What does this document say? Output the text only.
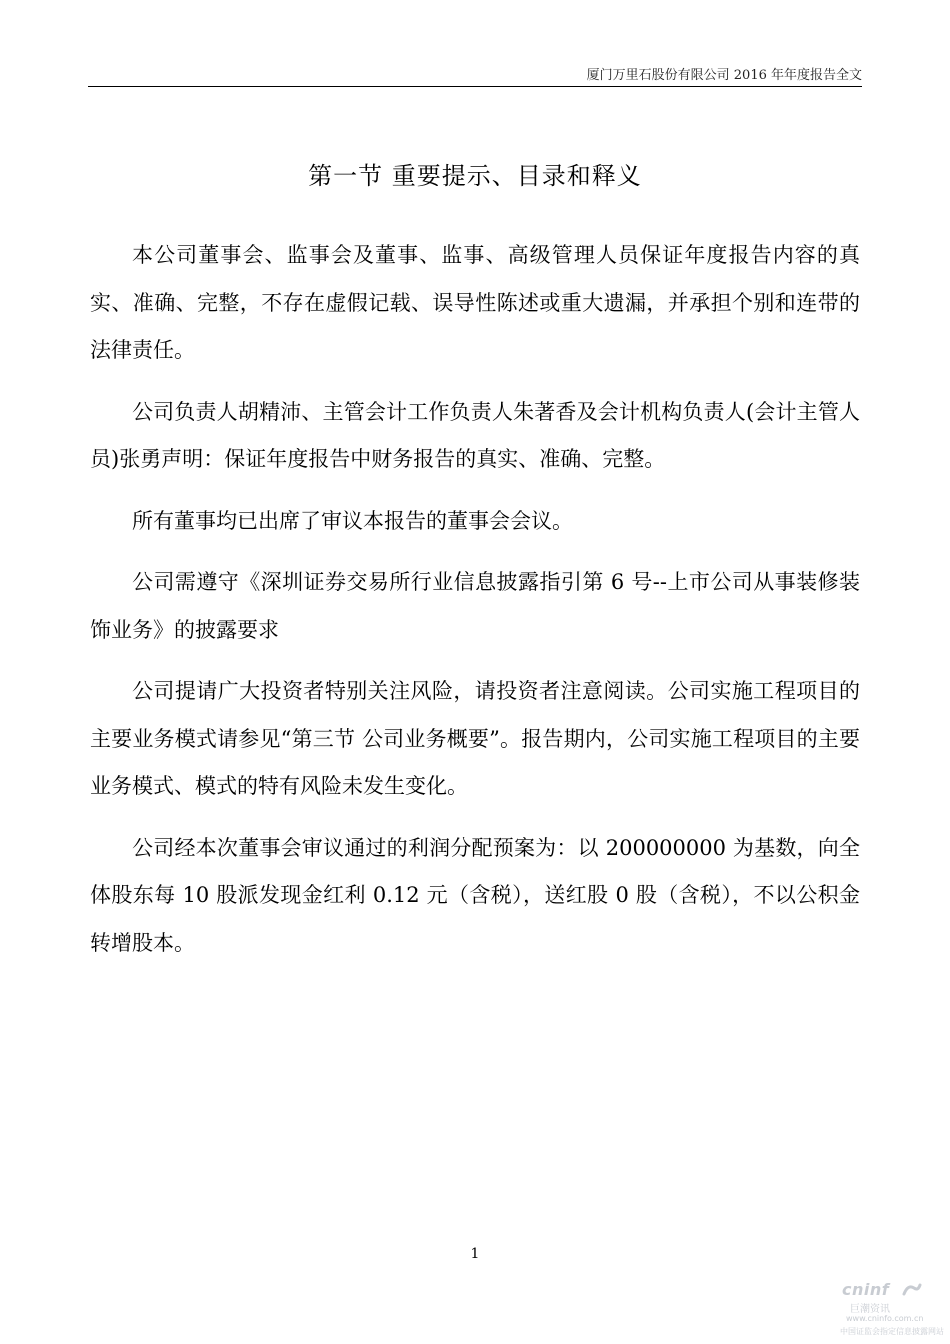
厦门万里石股份有限公司 2016 年年度报告全文
第一节 重要提示、目录和释义

本公司董事会、监事会及董事、监事、高级管理人员保证年度报告内容的真实、准确、完整，不存在虚假记载、误导性陈述或重大遗漏，并承担个别和连带的法律责任。

公司负责人胡精沛、主管会计工作负责人朱著香及会计机构负责人(会计主管人员)张勇声明：保证年度报告中财务报告的真实、准确、完整。

所有董事均已出席了审议本报告的董事会会议。

公司需遵守《深圳证券交易所行业信息披露指引第 6 号--上市公司从事装修装饰业务》的披露要求

公司提请广大投资者特别关注风险，请投资者注意阅读。公司实施工程项目的主要业务模式请参见“第三节 公司业务概要”。报告期内，公司实施工程项目的主要业务模式、模式的特有风险未发生变化。

公司经本次董事会审议通过的利润分配预案为：以 200000000 为基数，向全体股东每 10 股派发现金红利 0.12 元（含税），送红股 0 股（含税），不以公积金转增股本。

1
cninf
巨潮资讯
www.cninfo.com.cn
中国证监会指定信息披露网站
